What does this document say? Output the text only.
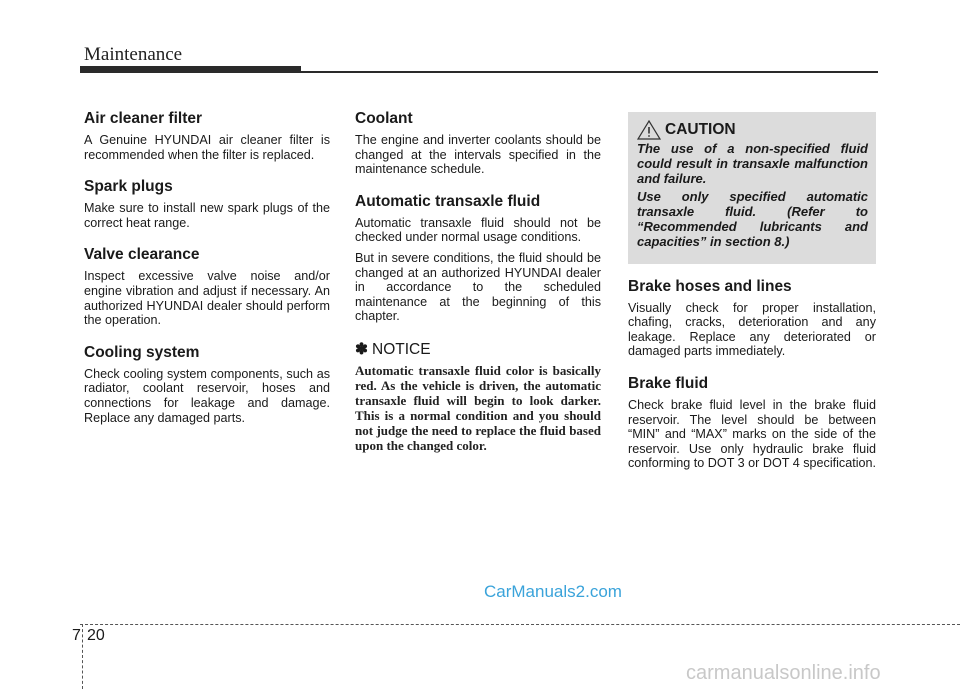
Maintenance
Air cleaner filter

A Genuine HYUNDAI air cleaner filter is recommended when the filter is replaced.

Spark plugs

Make sure to install new spark plugs of the correct heat range.

Valve clearance

Inspect excessive valve noise and/or engine vibration and adjust if necessary. An authorized HYUNDAI dealer should perform the operation.

Cooling system

Check cooling system components, such as radiator, coolant reservoir, hoses and connections for leakage and damage. Replace any damaged parts.

Coolant

The engine and inverter coolants should be changed at the intervals specified in the maintenance schedule.

Automatic transaxle fluid

Automatic transaxle fluid should not be checked under normal usage conditions.

But in severe conditions, the fluid should be changed at an authorized HYUNDAI dealer in accordance to the scheduled maintenance at the beginning of this chapter.

✽ NOTICE

Automatic transaxle fluid color is basically red. As the vehicle is driven, the automatic transaxle fluid will begin to look darker. This is a normal condition and you should not judge the need to replace the fluid based upon the changed color.

CAUTION

The use of a non-specified fluid could result in transaxle malfunction and failure.

Use only specified automatic transaxle fluid. (Refer to “Recommended lubricants and capacities” in section 8.)

Brake hoses and lines

Visually check for proper installation, chafing, cracks, deterioration and any leakage. Replace any deteriorated or damaged parts immediately.

Brake fluid

Check brake fluid level in the brake fluid reservoir. The level should be between “MIN” and “MAX” marks on the side of the reservoir. Use only hydraulic brake fluid conforming to DOT 3 or DOT 4 specification.

CarManuals2.com
7 20
carmanualsonline.info
